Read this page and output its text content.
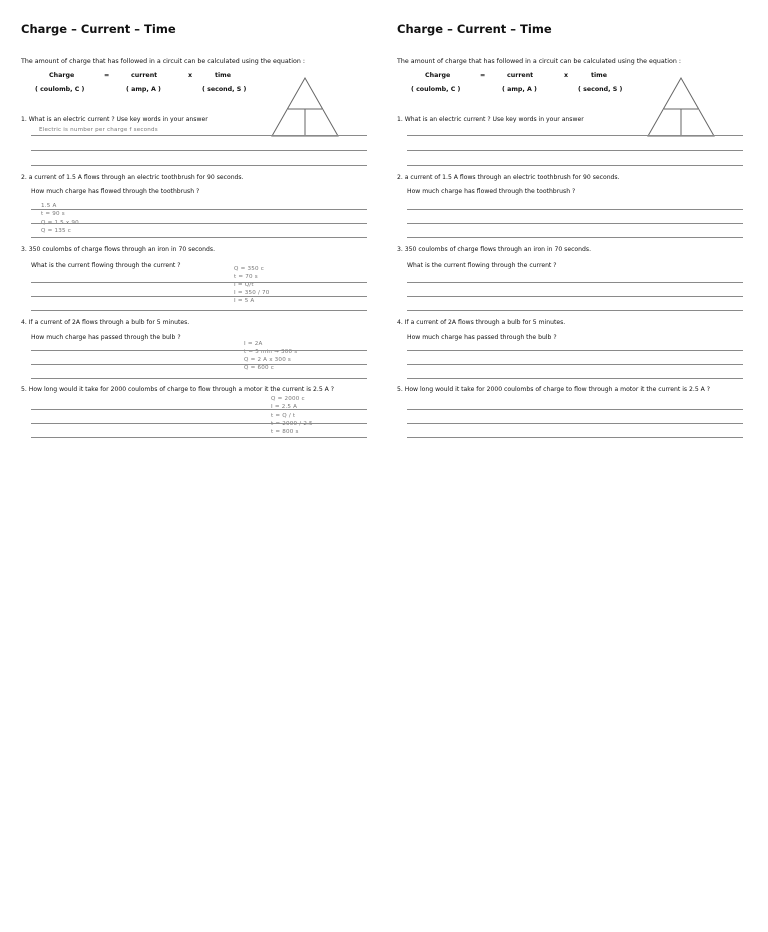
Charge – Current – Time
The amount of charge that has followed in a circuit can be calculated using the equation :
Charge	=	current	x	time
( coulomb, C )	( amp, A )	( second, S )
1. What is an electric current ? Use key words in your answer
Electric is number per charge f seconds
2. a current of 1.5 A flows through an electric toothbrush for 90 seconds.
How much charge has flowed through the toothbrush ?
1.5 A
t = 90 s
Q = 1.5 x 90
Q = 135 c
3. 350 coulombs of charge flows through an iron in 70 seconds.
What is the current flowing through the current ?	Q = 350 c
t = 70 s
I = Q/t
I = 350 / 70
I = 5 A
4. If a current of 2A flows through a bulb for 5 minutes.
How much charge has passed through the bulb ?
I = 2A
t = 5 min → 300 s
Q = 2 A x 300 s
Q = 600 c
5. How long would it take for 2000 coulombs of charge to flow through a motor it the current is 2.5 A ?
Q = 2000 c
I = 2.5 A
t = Q / t
t = 2000 / 2.5
t = 800 s
Charge – Current – Time
The amount of charge that has followed in a circuit can be calculated using the equation :
Charge	=	current	x	time
( coulomb, C )	( amp, A )	( second, S )
1. What is an electric current ? Use key words in your answer
2. a current of 1.5 A flows through an electric toothbrush for 90 seconds.
How much charge has flowed through the toothbrush ?
3. 350 coulombs of charge flows through an iron in 70 seconds.
What is the current flowing through the current ?
4. If a current of 2A flows through a bulb for 5 minutes.
How much charge has passed through the bulb ?
5. How long would it take for 2000 coulombs of charge to flow through a motor it the current is 2.5 A ?
